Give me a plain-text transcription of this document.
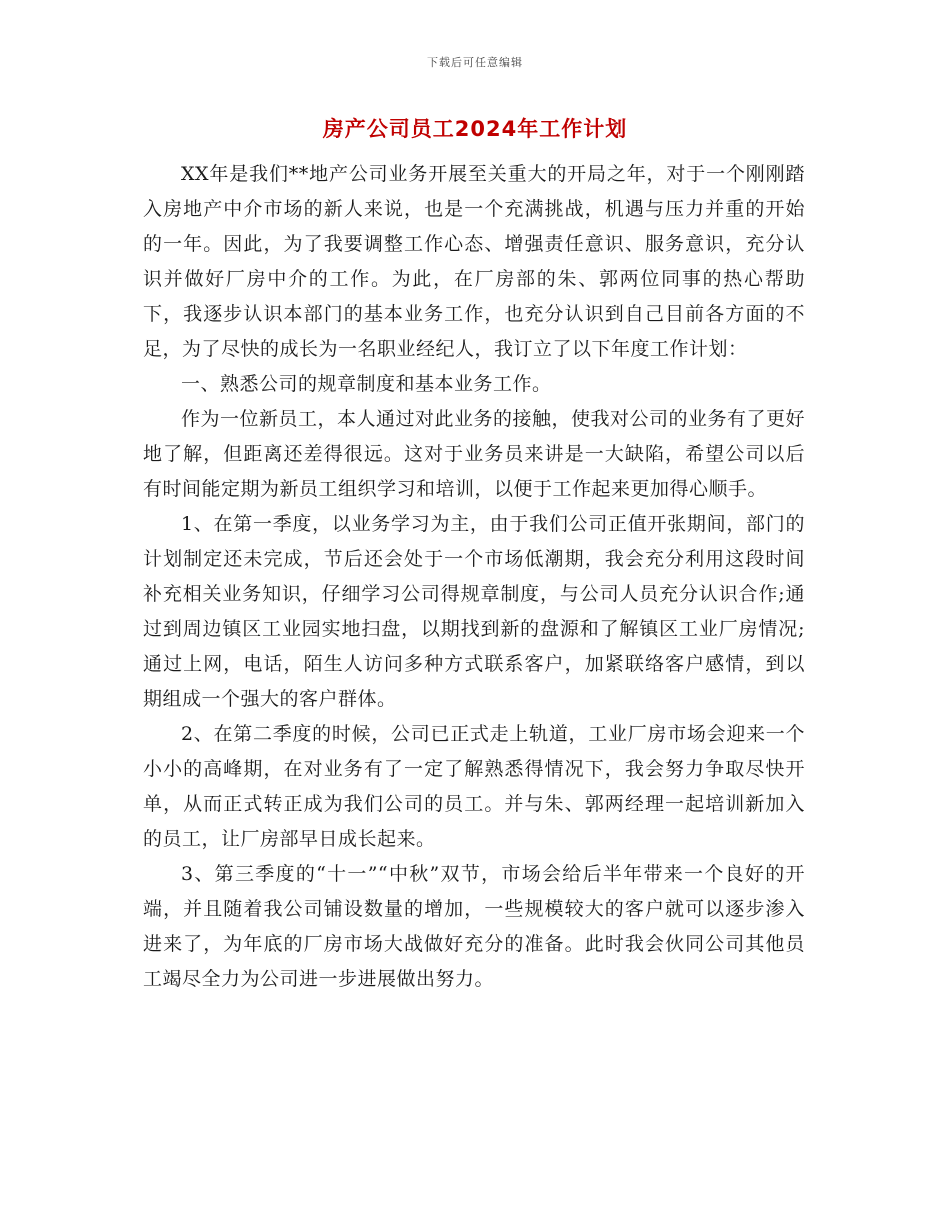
下载后可任意编辑
房产公司员工2024年工作计划

XX年是我们**地产公司业务开展至关重大的开局之年，对于一个刚刚踏入房地产中介市场的新人来说，也是一个充满挑战，机遇与压力并重的开始的一年。因此，为了我要调整工作心态、增强责任意识、服务意识，充分认识并做好厂房中介的工作。为此，在厂房部的朱、郭两位同事的热心帮助下，我逐步认识本部门的基本业务工作，也充分认识到自己目前各方面的不足，为了尽快的成长为一名职业经纪人，我订立了以下年度工作计划：

一、熟悉公司的规章制度和基本业务工作。

作为一位新员工，本人通过对此业务的接触，使我对公司的业务有了更好地了解，但距离还差得很远。这对于业务员来讲是一大缺陷，希望公司以后有时间能定期为新员工组织学习和培训，以便于工作起来更加得心顺手。

1、在第一季度，以业务学习为主，由于我们公司正值开张期间，部门的计划制定还未完成，节后还会处于一个市场低潮期，我会充分利用这段时间补充相关业务知识，仔细学习公司得规章制度，与公司人员充分认识合作;通过到周边镇区工业园实地扫盘，以期找到新的盘源和了解镇区工业厂房情况;通过上网，电话，陌生人访问多种方式联系客户，加紧联络客户感情，到以期组成一个强大的客户群体。

2、在第二季度的时候，公司已正式走上轨道，工业厂房市场会迎来一个小小的高峰期，在对业务有了一定了解熟悉得情况下，我会努力争取尽快开单，从而正式转正成为我们公司的员工。并与朱、郭两经理一起培训新加入的员工，让厂房部早日成长起来。

3、第三季度的“十一”“中秋”双节，市场会给后半年带来一个良好的开端，并且随着我公司铺设数量的增加，一些规模较大的客户就可以逐步渗入进来了，为年底的厂房市场大战做好充分的准备。此时我会伙同公司其他员工竭尽全力为公司进一步进展做出努力。
